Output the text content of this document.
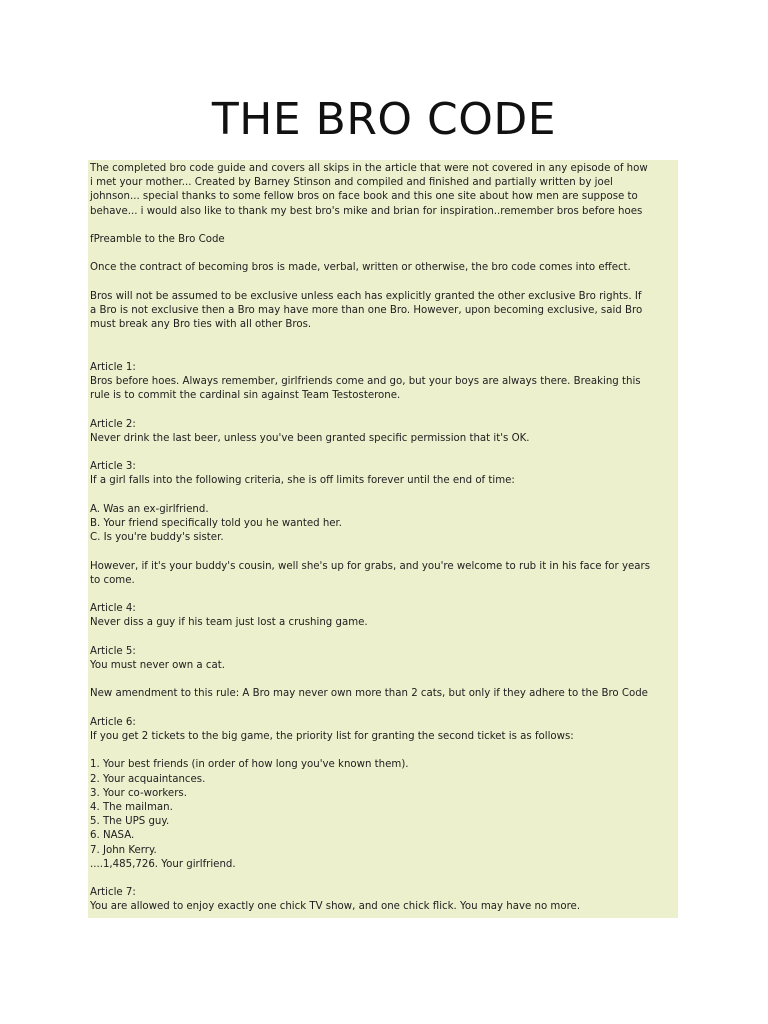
THE BRO CODE

The completed bro code guide and covers all skips in the article that were not covered in any episode of how
i met your mother... Created by Barney Stinson and compiled and finished and partially written by joel
johnson... special thanks to some fellow bros on face book and this one site about how men are suppose to
behave... i would also like to thank my best bro's mike and brian for inspiration..remember bros before hoes

fPreamble to the Bro Code

Once the contract of becoming bros is made, verbal, written or otherwise, the bro code comes into effect.

Bros will not be assumed to be exclusive unless each has explicitly granted the other exclusive Bro rights. If
a Bro is not exclusive then a Bro may have more than one Bro. However, upon becoming exclusive, said Bro
must break any Bro ties with all other Bros.

Article 1:
Bros before hoes. Always remember, girlfriends come and go, but your boys are always there. Breaking this
rule is to commit the cardinal sin against Team Testosterone.

Article 2:
Never drink the last beer, unless you've been granted specific permission that it's OK.

Article 3:
If a girl falls into the following criteria, she is off limits forever until the end of time:

A. Was an ex-girlfriend.
B. Your friend specifically told you he wanted her.
C. Is you're buddy's sister.

However, if it's your buddy's cousin, well she's up for grabs, and you're welcome to rub it in his face for years
to come.

Article 4:
Never diss a guy if his team just lost a crushing game.

Article 5:
You must never own a cat.

New amendment to this rule: A Bro may never own more than 2 cats, but only if they adhere to the Bro Code

Article 6:
If you get 2 tickets to the big game, the priority list for granting the second ticket is as follows:

1. Your best friends (in order of how long you've known them).
2. Your acquaintances.
3. Your co-workers.
4. The mailman.
5. The UPS guy.
6. NASA.
7. John Kerry.
....1,485,726. Your girlfriend.

Article 7:
You are allowed to enjoy exactly one chick TV show, and one chick flick. You may have no more.
